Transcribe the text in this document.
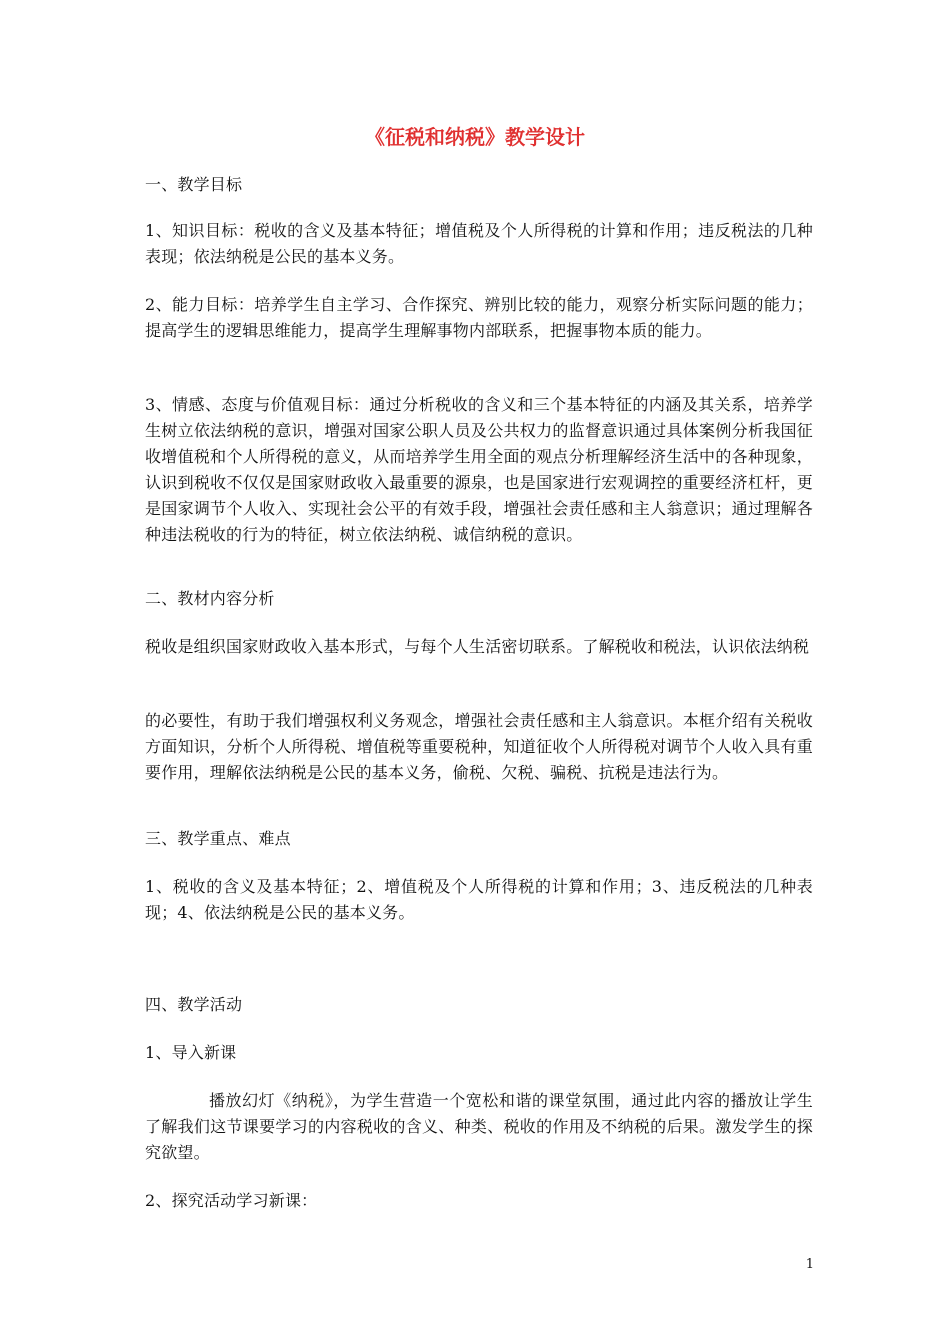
《征税和纳税》教学设计
一、教学目标
1、知识目标：税收的含义及基本特征；增值税及个人所得税的计算和作用；违反税法的几种表现；依法纳税是公民的基本义务。
2、能力目标：培养学生自主学习、合作探究、辨别比较的能力，观察分析实际问题的能力；提高学生的逻辑思维能力，提高学生理解事物内部联系，把握事物本质的能力。
3、情感、态度与价值观目标：通过分析税收的含义和三个基本特征的内涵及其关系，培养学生树立依法纳税的意识，增强对国家公职人员及公共权力的监督意识通过具体案例分析我国征收增值税和个人所得税的意义，从而培养学生用全面的观点分析理解经济生活中的各种现象，认识到税收不仅仅是国家财政收入最重要的源泉，也是国家进行宏观调控的重要经济杠杆，更是国家调节个人收入、实现社会公平的有效手段，增强社会责任感和主人翁意识；通过理解各种违法税收的行为的特征，树立依法纳税、诚信纳税的意识。
二、教材内容分析
税收是组织国家财政收入基本形式，与每个人生活密切联系。了解税收和税法，认识依法纳税
的必要性，有助于我们增强权利义务观念，增强社会责任感和主人翁意识。本框介绍有关税收方面知识，分析个人所得税、增值税等重要税种，知道征收个人所得税对调节个人收入具有重要作用，理解依法纳税是公民的基本义务，偷税、欠税、骗税、抗税是违法行为。
三、教学重点、难点
1、税收的含义及基本特征；2、增值税及个人所得税的计算和作用；3、违反税法的几种表现；4、依法纳税是公民的基本义务。
四、教学活动
1、导入新课
播放幻灯《纳税》，为学生营造一个宽松和谐的课堂氛围，通过此内容的播放让学生了解我们这节课要学习的内容税收的含义、种类、税收的作用及不纳税的后果。激发学生的探究欲望。
2、探究活动学习新课：
1
